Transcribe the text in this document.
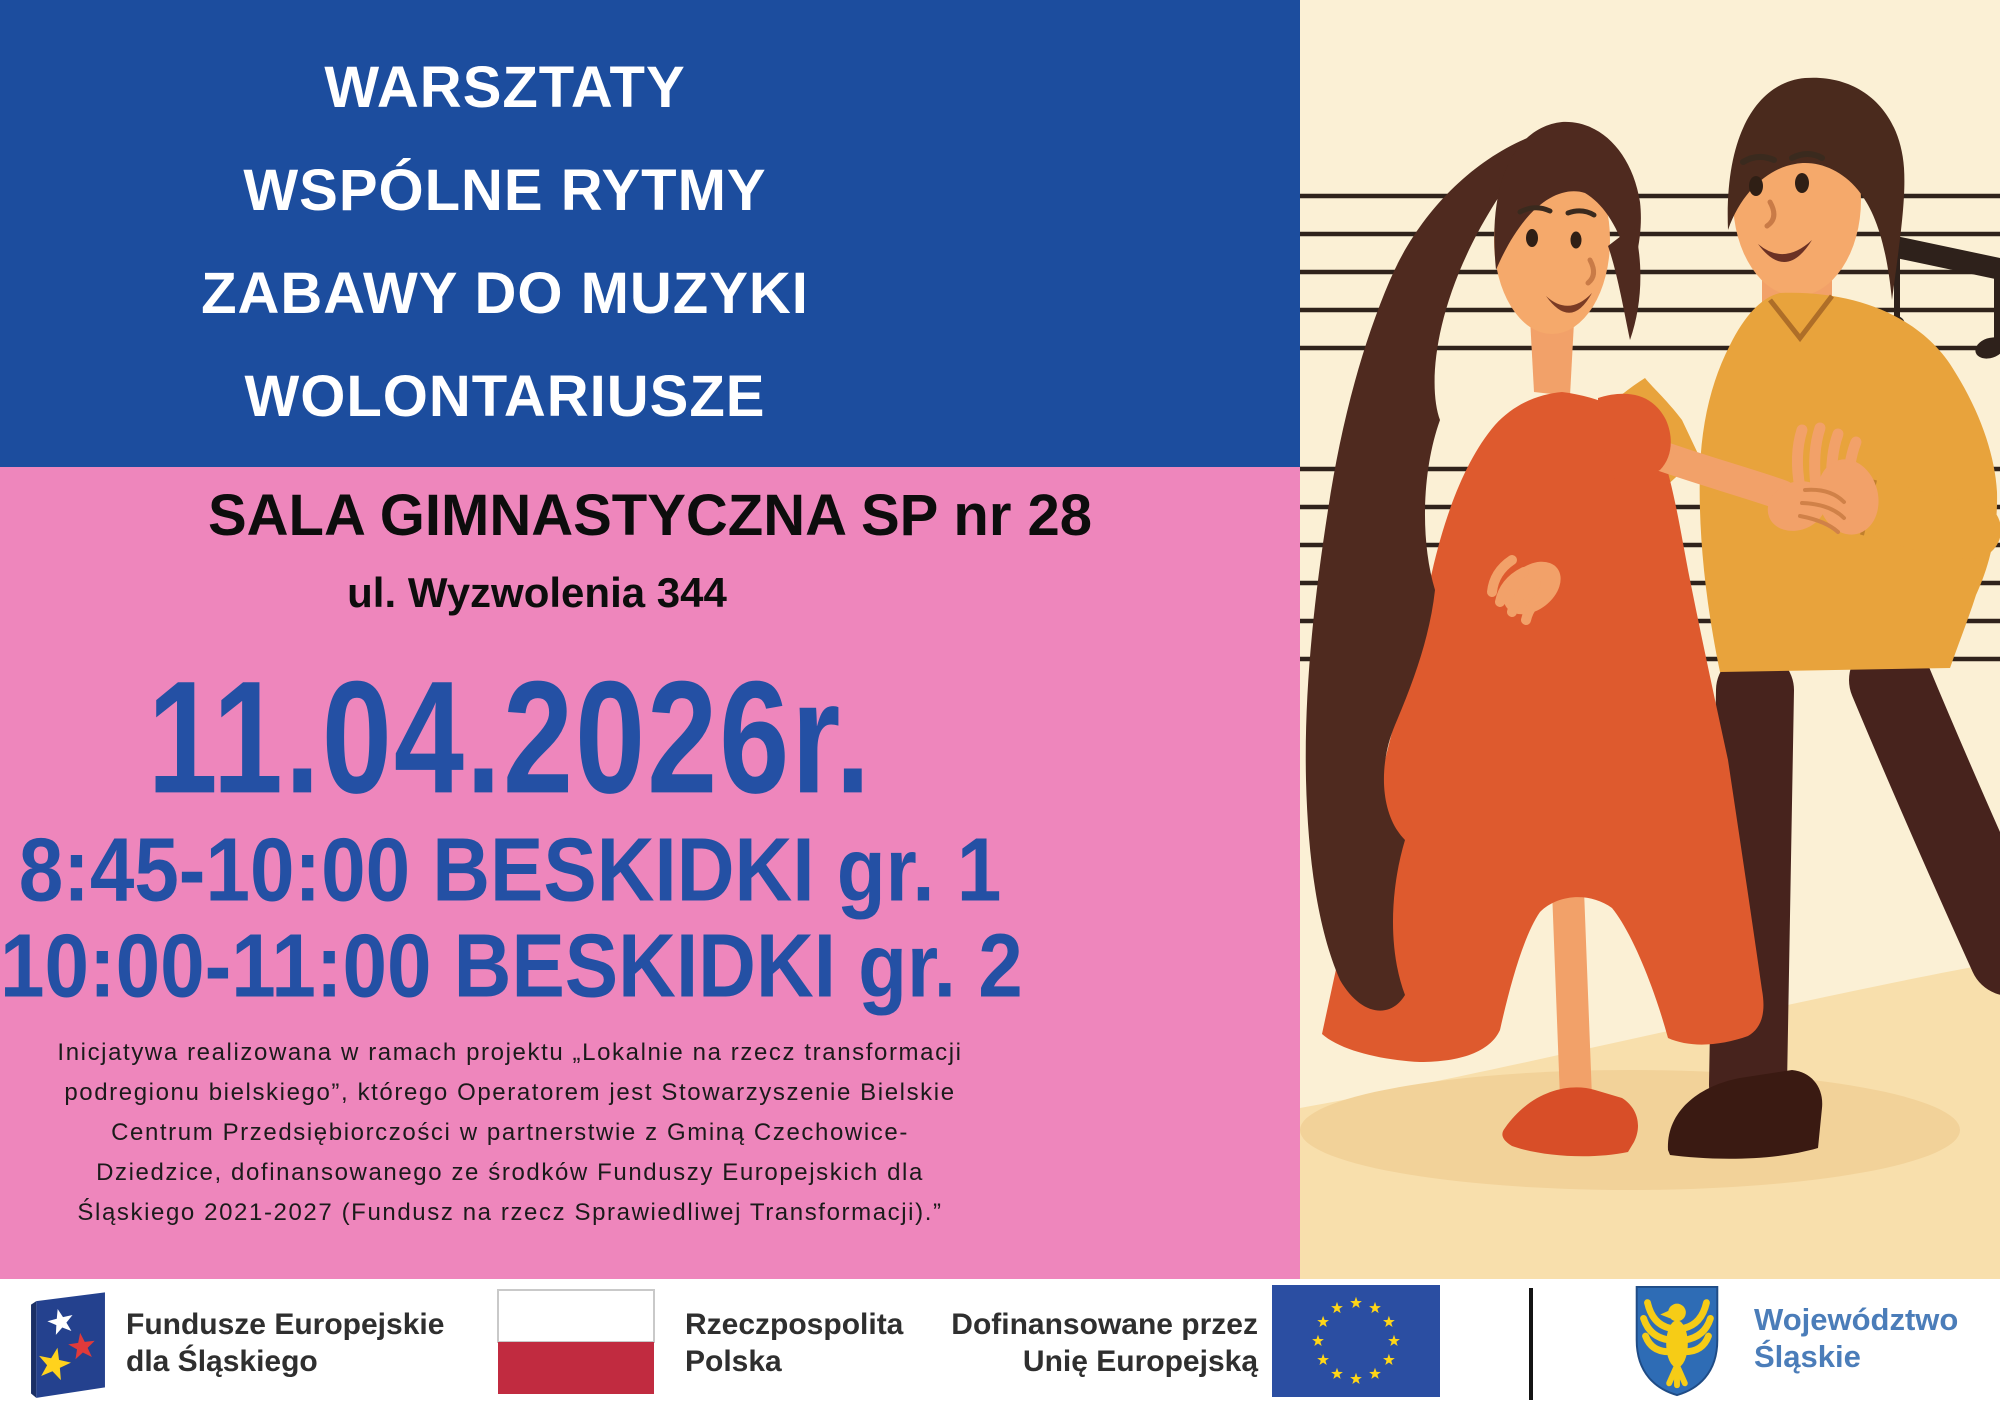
WARSZTATY
WSPÓLNE RYTMY
ZABAWY DO MUZYKI
WOLONTARIUSZE
SALA GIMNASTYCZNA SP nr 28
ul. Wyzwolenia 344
11.04.2026r.
8:45-10:00 BESKIDKI gr. 1
10:00-11:00 BESKIDKI gr. 2
Inicjatywa realizowana w ramach projektu „Lokalnie na rzecz transformacji
podregionu bielskiego”, którego Operatorem jest Stowarzyszenie Bielskie
Centrum Przedsiębiorczości w partnerstwie z Gminą Czechowice-
Dziedzice, dofinansowanego ze środków Funduszy Europejskich dla
Śląskiego 2021-2027 (Fundusz na rzecz Sprawiedliwej Transformacji).”
Fundusze Europejskie
dla Śląskiego
Rzeczpospolita
Polska
Dofinansowane przez
Unię Europejską
Województwo
Śląskie
